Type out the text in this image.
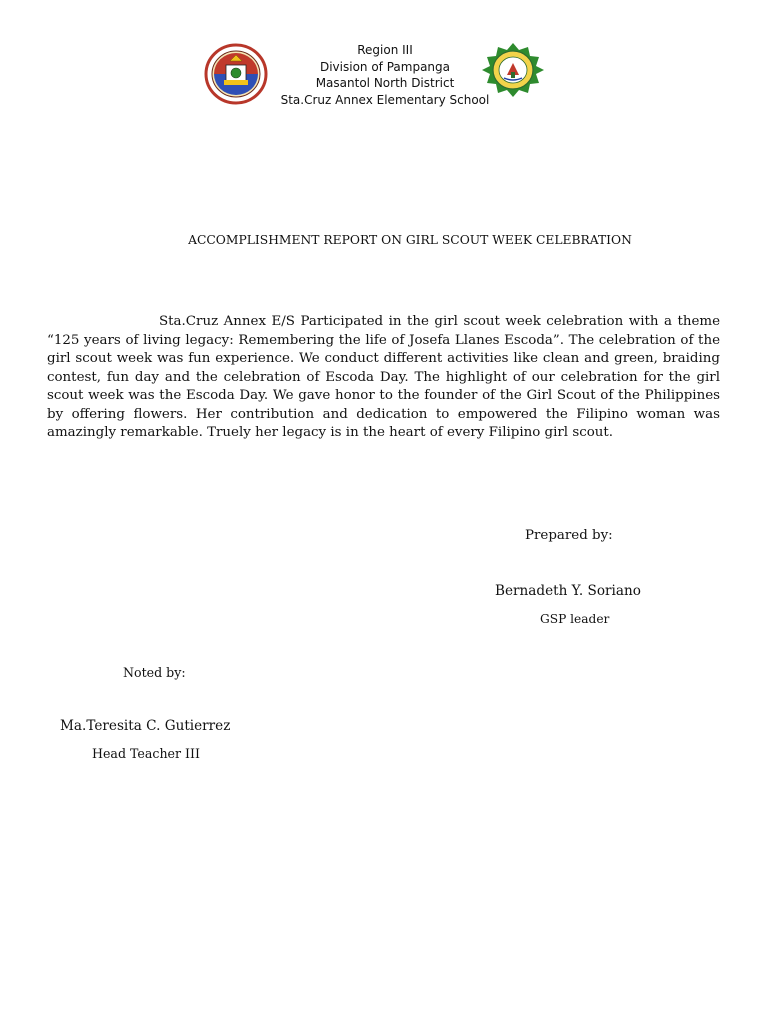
Region III
Division of Pampanga
Masantol North District
Sta.Cruz Annex Elementary School
ACCOMPLISHMENT REPORT ON GIRL SCOUT WEEK CELEBRATION

Sta.Cruz Annex E/S Participated in the girl scout week celebration with a theme “125 years of living legacy: Remembering the life of Josefa Llanes Escoda”. The celebration of the girl scout week was fun experience. We conduct different activities like clean and green, braiding contest, fun day and the celebration of Escoda Day. The highlight of our celebration for the girl scout week was the Escoda Day. We gave honor to the founder of the Girl Scout of the Philippines by offering flowers. Her contribution and dedication to empowered the Filipino woman was amazingly remarkable. Truely her legacy is in the heart of every Filipino girl scout.

Prepared by:
Bernadeth Y. Soriano
GSP leader
Noted by:
Ma.Teresita C. Gutierrez
Head Teacher III
